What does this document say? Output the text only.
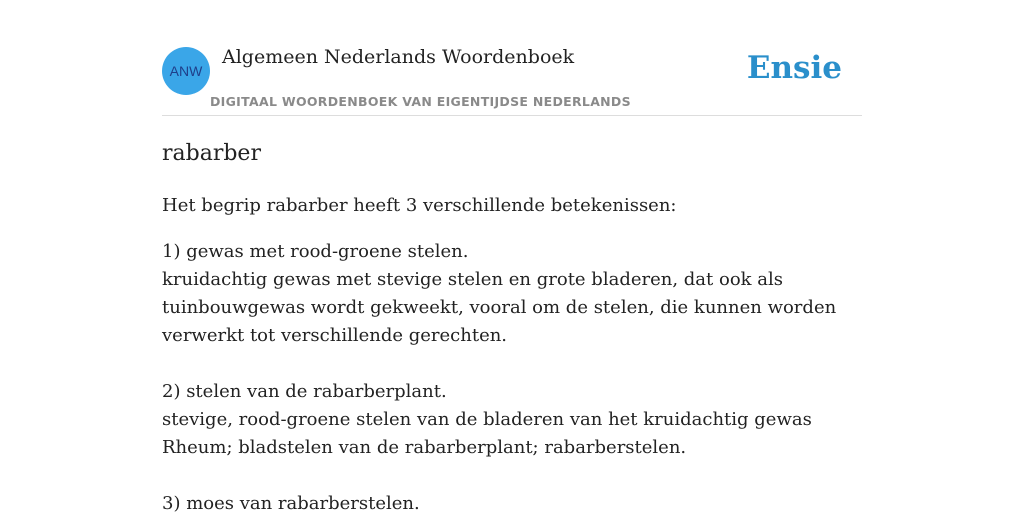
ANW
Algemeen Nederlands Woordenboek
DIGITAAL WOORDENBOEK VAN EIGENTIJDSE NEDERLANDS
Ensie
rabarber

Het begrip rabarber heeft 3 verschillende betekenissen:

1) gewas met rood-groene stelen.
kruidachtig gewas met stevige stelen en grote bladeren, dat ook als tuinbouwgewas wordt gekweekt, vooral om de stelen, die kunnen worden verwerkt tot verschillende gerechten.
2) stelen van de rabarberplant.
stevige, rood-groene stelen van de bladeren van het kruidachtig gewas Rheum; bladstelen van de rabarberplant; rabarberstelen.
3) moes van rabarberstelen.
